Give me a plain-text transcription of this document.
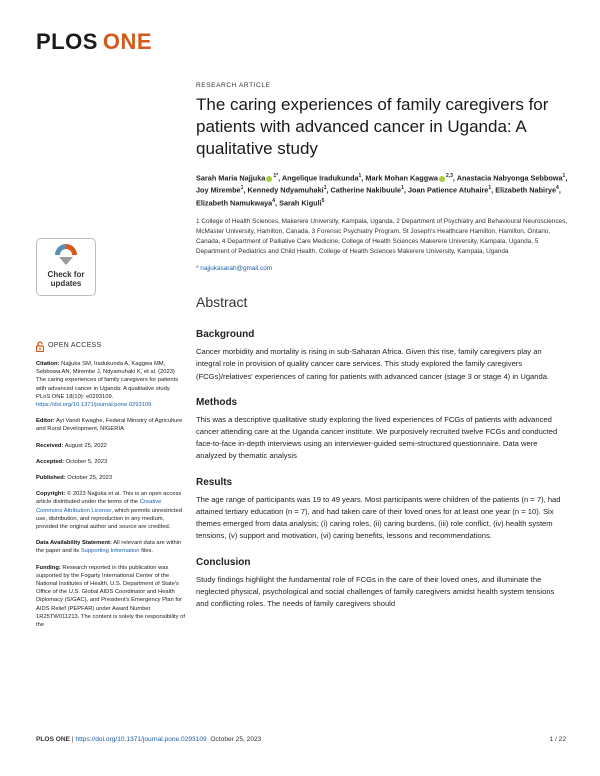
PLOS ONE
Check for
updates
OPEN ACCESS

Citation: Najjuka SM, Iradukunda A, Kaggwa MM, Sebbowa AN, Mirembe J, Ndyamuhaki K, et al. (2023) The caring experiences of family caregivers for patients with advanced cancer in Uganda: A qualitative study. PLoS ONE 18(10): e0293109. https://doi.org/10.1371/journal.pone.0293109

Editor: Ayi Vandi Kwaghe, Federal Ministry of Agriculture and Rural Development, NIGERIA

Received: August 25, 2022

Accepted: October 5, 2023

Published: October 25, 2023

Copyright: © 2023 Najjuka et al. This is an open access article distributed under the terms of the Creative Commons Attribution License, which permits unrestricted use, distribution, and reproduction in any medium, provided the original author and source are credited.

Data Availability Statement: All relevant data are within the paper and its Supporting Information files.

Funding: Research reported in this publication was supported by the Fogarty International Center of the National Institutes of Health, U.S. Department of State's Office of the U.S. Global AIDS Coordinator and Health Diplomacy (S/GAC), and President's Emergency Plan for AIDS Relief (PEPFAR) under Award Number 1R25TW011213. The content is solely the responsibility of the

RESEARCH ARTICLE
The caring experiences of family caregivers for patients with advanced cancer in Uganda: A qualitative study
Sarah Maria Najjuka $^{1*}$, Angelique Iradukunda$^1$, Mark Mohan Kaggwa $^{2,3}$, Anastacia Nabyonga Sebbowa$^1$, Joy Mirembe$^1$, Kennedy Ndyamuhaki$^1$, Catherine Nakibuule$^1$, Joan Patience Atuhaire$^1$, Elizabeth Nabirye$^4$, Elizabeth Namukwaya$^4$, Sarah Kiguli$^5$
1 College of Health Sciences, Makerere University, Kampala, Uganda, 2 Department of Psychiatry and Behavioural Neurosciences, McMaster University, Hamilton, Canada, 3 Forensic Psychiatry Program, St Joseph's Healthcare Hamilton, Hamilton, Ontario, Canada, 4 Department of Palliative Care Medicine, College of Health Sciences Makerere University, Kampala, Uganda, 5 Department of Pediatrics and Child Health, College of Health Sciences Makerere University, Kampala, Uganda
* najjukasarah@gmail.com
Abstract
Background

Cancer morbidity and mortality is rising in sub-Saharan Africa. Given this rise, family caregivers play an integral role in provision of quality cancer care services. This study explored the family caregivers (FCGs)/relatives' experiences of caring for patients with advanced cancer (stage 3 or stage 4) in Uganda.

Methods

This was a descriptive qualitative study exploring the lived experiences of FCGs of patients with advanced cancer attending care at the Uganda cancer institute. We purposively recruited twelve FCGs and conducted face-to-face in-depth interviews using an interviewer-guided semi-structured questionnaire. Data were analyzed by thematic analysis

Results

The age range of participants was 19 to 49 years. Most participants were children of the patients (n = 7), had attained tertiary education (n = 7), and had taken care of their loved ones for at least one year (n = 10). Six themes emerged from data analysis; (i) caring roles, (ii) caring burdens, (iii) role conflict, (iv) health system tensions, (v) support and motivation, (vi) caring benefits, lessons and recommendations.

Conclusion

Study findings highlight the fundamental role of FCGs in the care of their loved ones, and illuminate the neglected physical, psychological and social challenges of family caregivers amidst health system tensions and conflicting roles. The needs of family caregivers should

PLOS ONE | https://doi.org/10.1371/journal.pone.0293109 October 25, 2023	1 / 22
